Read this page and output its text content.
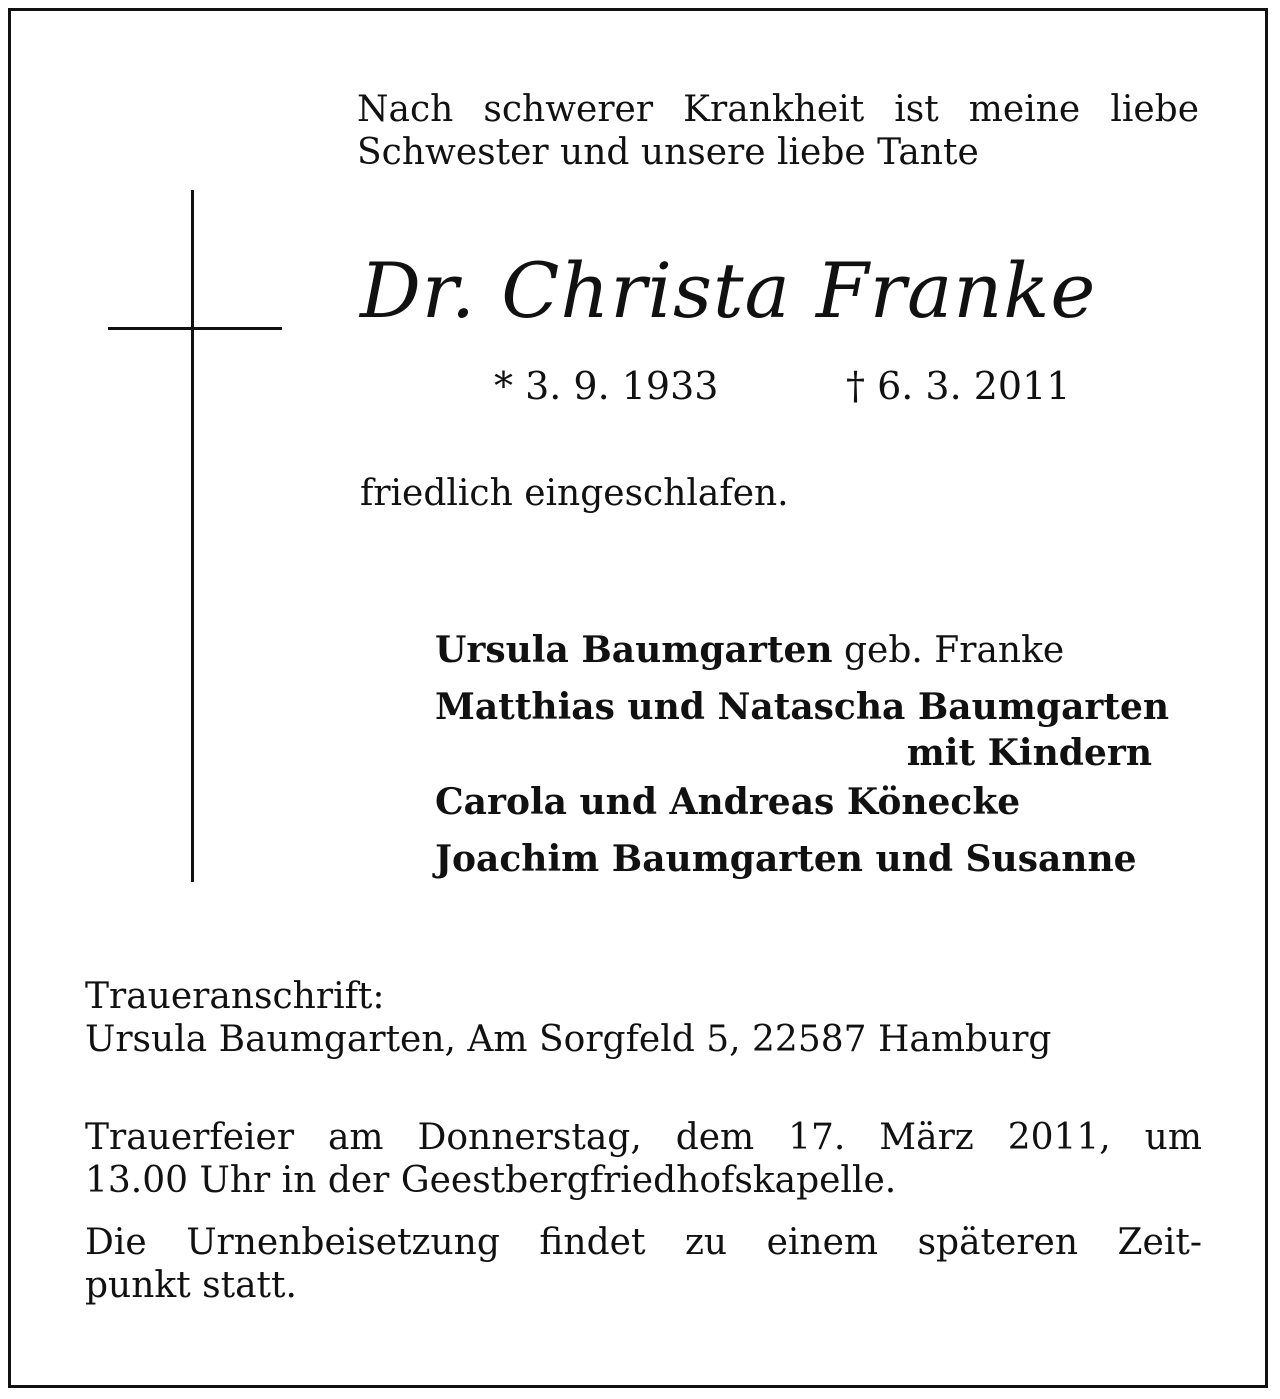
Nach schwerer Krankheit ist meine liebe
Schwester und unsere liebe Tante
Dr. Christa Franke
* 3. 9. 1933	† 6. 3. 2011
friedlich eingeschlafen.
Ursula Baumgarten geb. Franke
Matthias und Natascha Baumgarten
mit Kindern
Carola und Andreas Könecke
Joachim Baumgarten und Susanne
Traueranschrift:
Ursula Baumgarten, Am Sorgfeld 5, 22587 Hamburg
Trauerfeier am Donnerstag, dem 17. März 2011, um
13.00 Uhr in der Geestbergfriedhofskapelle.
Die Urnenbeisetzung findet zu einem späteren Zeit-
punkt statt.
